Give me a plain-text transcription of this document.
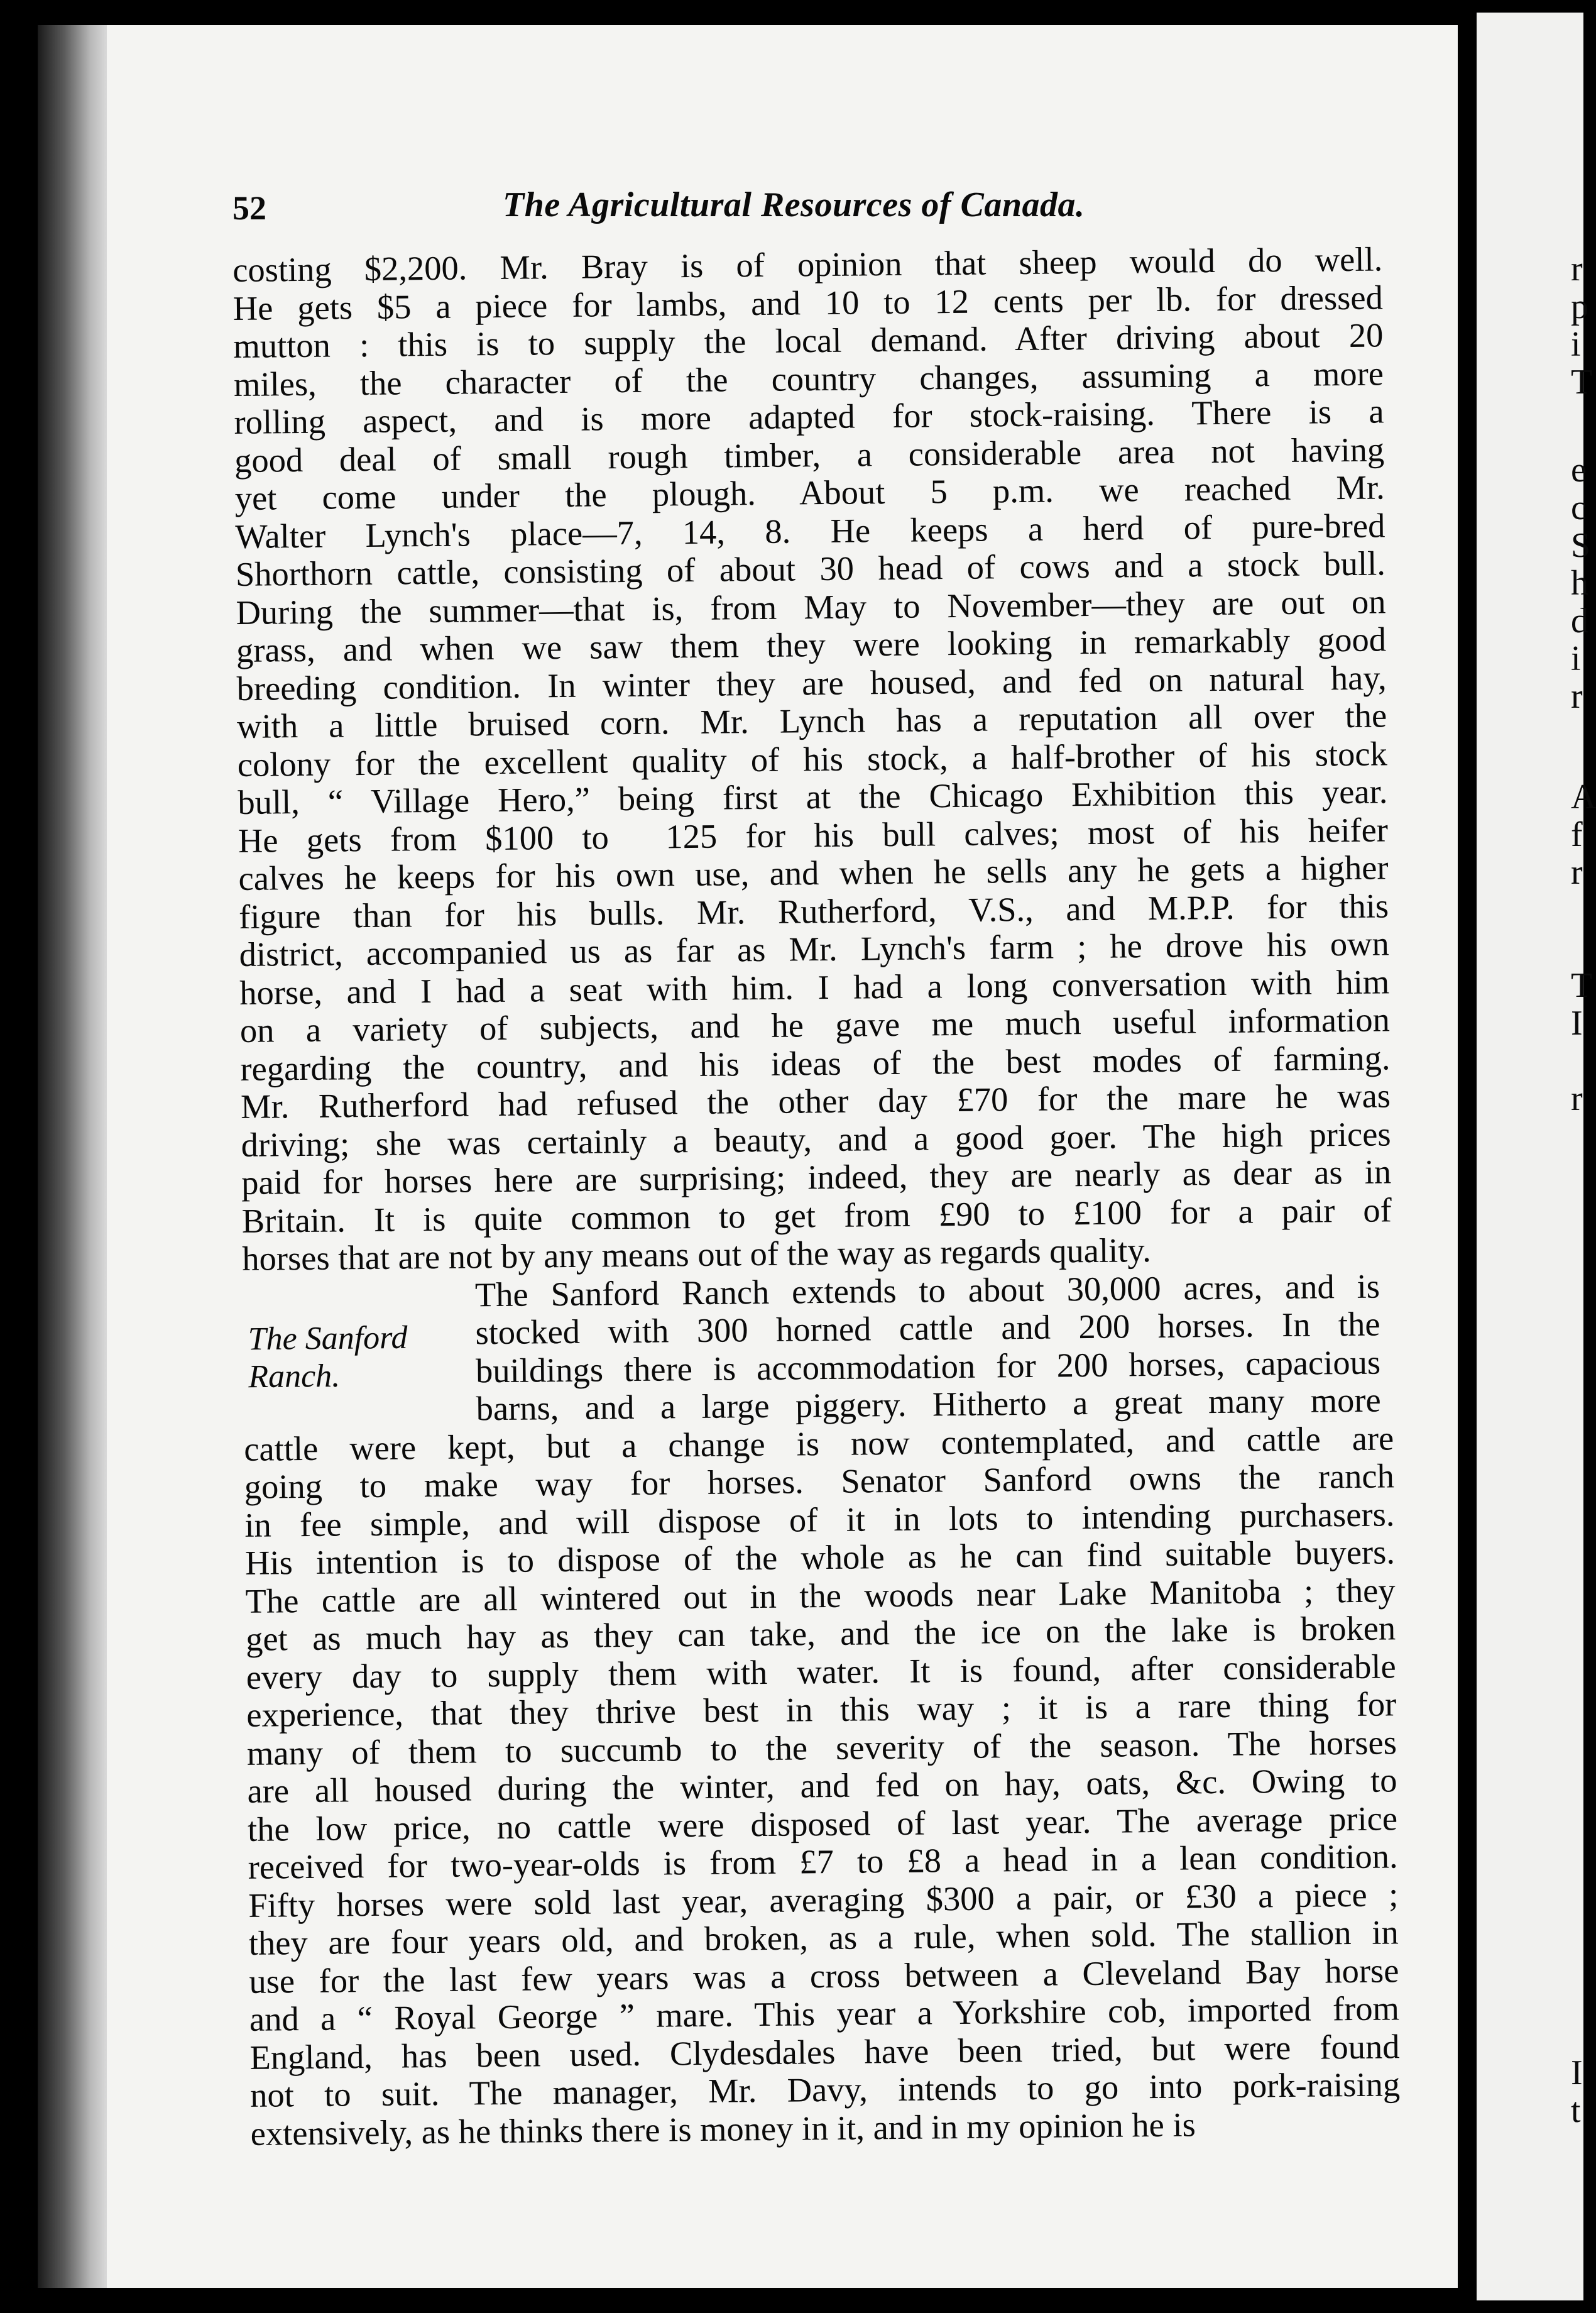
r
p
i
T
e
c
S
h
d
i
r
A
f
r
T
I
r
I
t
52	The Agricultural Resources of Canada.
The Sanford
Ranch.
costing $2,200. Mr. Bray is of opinion that sheep would do well.
He gets $5 a piece for lambs, and 10 to 12 cents per lb. for dressed
mutton : this is to supply the local demand. After driving about 20
miles, the character of the country changes, assuming a more
rolling aspect, and is more adapted for stock-raising. There is a
good deal of small rough timber, a considerable area not having
yet come under the plough. About 5 p.m. we reached Mr.
Walter Lynch's place—7, 14, 8. He keeps a herd of pure-bred
Shorthorn cattle, consisting of about 30 head of cows and a stock bull.
During the summer—that is, from May to November—they are out on
grass, and when we saw them they were looking in remarkably good
breeding condition. In winter they are housed, and fed on natural hay,
with a little bruised corn. Mr. Lynch has a reputation all over the
colony for the excellent quality of his stock, a half-brother of his stock
bull, “ Village Hero,” being first at the Chicago Exhibition this year.
He gets from $100 to  125 for his bull calves; most of his heifer
calves he keeps for his own use, and when he sells any he gets a higher
figure than for his bulls. Mr. Rutherford, V.S., and M.P.P. for this
district, accompanied us as far as Mr. Lynch's farm ; he drove his own
horse, and I had a seat with him. I had a long conversation with him
on a variety of subjects, and he gave me much useful information
regarding the country, and his ideas of the best modes of farming.
Mr. Rutherford had refused the other day £70 for the mare he was
driving; she was certainly a beauty, and a good goer. The high prices
paid for horses here are surprising; indeed, they are nearly as dear as in
Britain. It is quite common to get from £90 to £100 for a pair of
horses that are not by any means out of the way as regards quality.
The Sanford Ranch extends to about 30,000 acres, and is
stocked with 300 horned cattle and 200 horses. In the
buildings there is accommodation for 200 horses, capacious
barns, and a large piggery. Hitherto a great many more
cattle were kept, but a change is now contemplated, and cattle are
going to make way for horses. Senator Sanford owns the ranch
in fee simple, and will dispose of it in lots to intending purchasers.
His intention is to dispose of the whole as he can find suitable buyers.
The cattle are all wintered out in the woods near Lake Manitoba ; they
get as much hay as they can take, and the ice on the lake is broken
every day to supply them with water. It is found, after considerable
experience, that they thrive best in this way ; it is a rare thing for
many of them to succumb to the severity of the season. The horses
are all housed during the winter, and fed on hay, oats, &c. Owing to
the low price, no cattle were disposed of last year. The average price
received for two-year-olds is from £7 to £8 a head in a lean condition.
Fifty horses were sold last year, averaging $300 a pair, or £30 a piece ;
they are four years old, and broken, as a rule, when sold. The stallion in
use for the last few years was a cross between a Cleveland Bay horse
and a “ Royal George ” mare. This year a Yorkshire cob, imported from
England, has been used. Clydesdales have been tried, but were found
not to suit. The manager, Mr. Davy, intends to go into pork-raising
extensively, as he thinks there is money in it, and in my opinion he is
